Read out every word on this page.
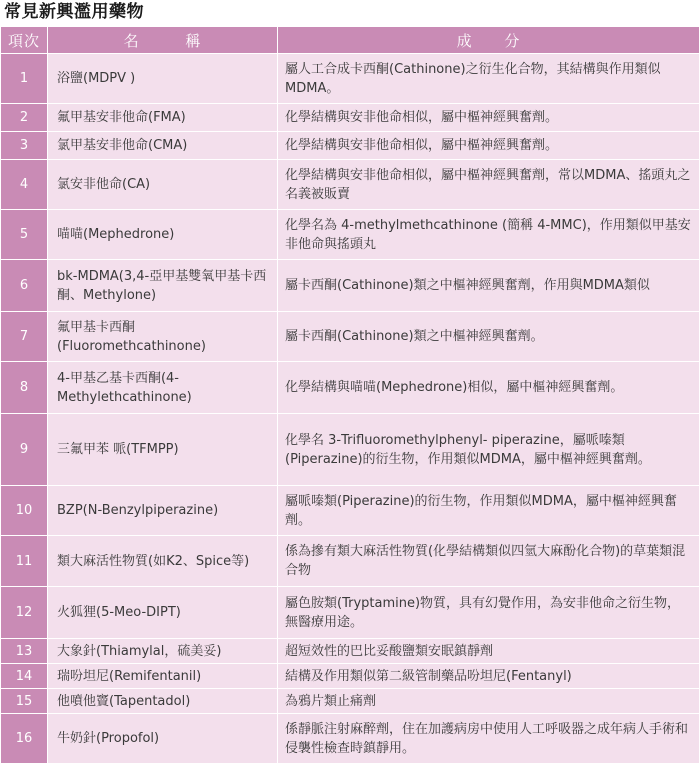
常見新興濫用藥物
項次	名 稱	成 分
1	浴鹽(MDPV )	屬人工合成卡西酮(Cathinone)之衍生化合物，其結構與作用類似MDMA。
2	氟甲基安非他命(FMA)	化學結構與安非他命相似，屬中樞神經興奮劑。
3	氯甲基安非他命(CMA)	化學結構與安非他命相似，屬中樞神經興奮劑。
4	氯安非他命(CA)	化學結構與安非他命相似，屬中樞神經興奮劑，常以MDMA、搖頭丸之名義被販賣
5	喵喵(Mephedrone)	化學名為 4-methylmethcathinone (簡稱 4-MMC)，作用類似甲基安非他命與搖頭丸
6	bk-MDMA(3,4-亞甲基雙氧甲基卡西酮、Methylone)	屬卡西酮(Cathinone)類之中樞神經興奮劑，作用與MDMA類似
7	氟甲基卡西酮(Fluoromethcathinone)	屬卡西酮(Cathinone)類之中樞神經興奮劑。
8	4-甲基乙基卡西酮(4-Methylethcathinone)	化學結構與喵喵(Mephedrone)相似，屬中樞神經興奮劑。
9	三氟甲苯 哌(TFMPP)	化學名 3-Trifluoromethylphenyl- piperazine，屬哌嗪類(Piperazine)的衍生物，作用類似MDMA，屬中樞神經興奮劑。
10	BZP(N-Benzylpiperazine)	屬哌嗪類(Piperazine)的衍生物，作用類似MDMA，屬中樞神經興奮劑。
11	類大麻活性物質(如K2、Spice等)	係為摻有類大麻活性物質(化學結構類似四氫大麻酚化合物)的草葉類混合物
12	火狐狸(5-Meo-DIPT)	屬色胺類(Tryptamine)物質，具有幻覺作用，為安非他命之衍生物，無醫療用途。
13	大象針(Thiamylal，硫美妥)	超短效性的巴比妥酸鹽類安眠鎮靜劑
14	瑞吩坦尼(Remifentanil)	結構及作用類似第二級管制藥品吩坦尼(Fentanyl)
15	他噴他竇(Tapentadol)	為鴉片類止痛劑
16	牛奶針(Propofol)	係靜脈注射麻醉劑，住在加護病房中使用人工呼吸器之成年病人手術和侵襲性檢查時鎮靜用。
